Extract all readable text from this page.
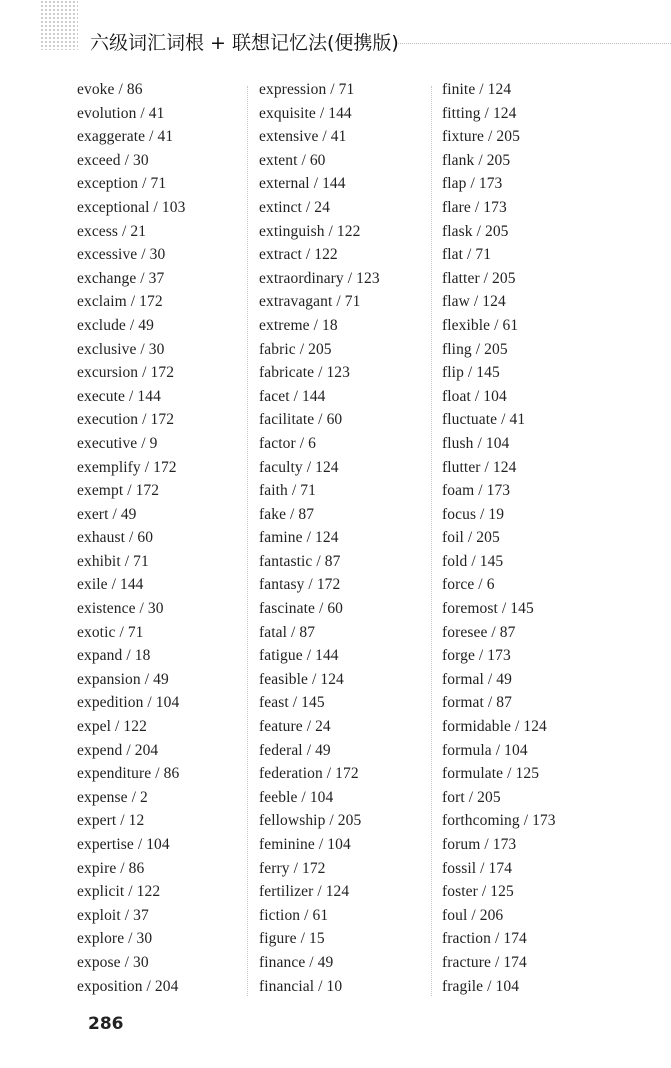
六级词汇词根 + 联想记忆法(便携版)
evoke / 86
evolution / 41
exaggerate / 41
exceed / 30
exception / 71
exceptional / 103
excess / 21
excessive / 30
exchange / 37
exclaim / 172
exclude / 49
exclusive / 30
excursion / 172
execute / 144
execution / 172
executive / 9
exemplify / 172
exempt / 172
exert / 49
exhaust / 60
exhibit / 71
exile / 144
existence / 30
exotic / 71
expand / 18
expansion / 49
expedition / 104
expel / 122
expend / 204
expenditure / 86
expense / 2
expert / 12
expertise / 104
expire / 86
explicit / 122
exploit / 37
explore / 30
expose / 30
exposition / 204
expression / 71
exquisite / 144
extensive / 41
extent / 60
external / 144
extinct / 24
extinguish / 122
extract / 122
extraordinary / 123
extravagant / 71
extreme / 18
fabric / 205
fabricate / 123
facet / 144
facilitate / 60
factor / 6
faculty / 124
faith / 71
fake / 87
famine / 124
fantastic / 87
fantasy / 172
fascinate / 60
fatal / 87
fatigue / 144
feasible / 124
feast / 145
feature / 24
federal / 49
federation / 172
feeble / 104
fellowship / 205
feminine / 104
ferry / 172
fertilizer / 124
fiction / 61
figure / 15
finance / 49
financial / 10
finite / 124
fitting / 124
fixture / 205
flank / 205
flap / 173
flare / 173
flask / 205
flat / 71
flatter / 205
flaw / 124
flexible / 61
fling / 205
flip / 145
float / 104
fluctuate / 41
flush / 104
flutter / 124
foam / 173
focus / 19
foil / 205
fold / 145
force / 6
foremost / 145
foresee / 87
forge / 173
formal / 49
format / 87
formidable / 124
formula / 104
formulate / 125
fort / 205
forthcoming / 173
forum / 173
fossil / 174
foster / 125
foul / 206
fraction / 174
fracture / 174
fragile / 104
286
